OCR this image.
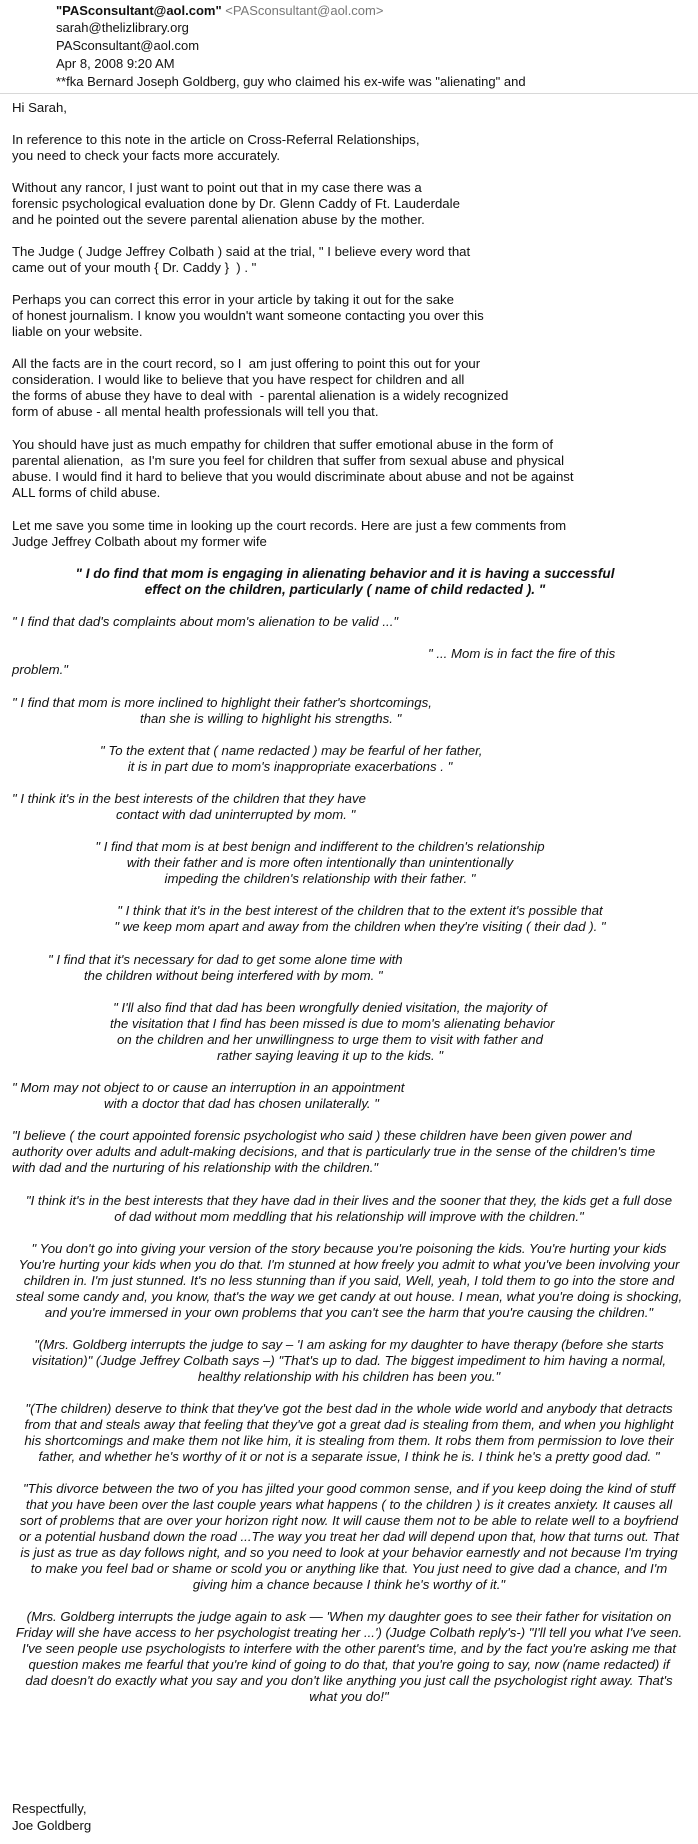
"PASconsultant@aol.com" <PASconsultant@aol.com>
sarah@thelizlibrary.org
PASconsultant@aol.com
Apr 8, 2008 9:20 AM
**fka Bernard Joseph Goldberg, guy who claimed his ex-wife was "alienating" and
Hi Sarah,
In reference to this note in the article on Cross-Referral Relationships,
you need to check your facts more accurately.
Without any rancor, I just want to point out that in my case there was a
forensic psychological evaluation done by Dr. Glenn Caddy of Ft. Lauderdale
and he pointed out the severe parental alienation abuse by the mother.
The Judge ( Judge Jeffrey Colbath ) said at the trial, " I believe every word that
came out of your mouth { Dr. Caddy }  ) . "
Perhaps you can correct this error in your article by taking it out for the sake
of honest journalism. I know you wouldn't want someone contacting you over this
liable on your website.
All the facts are in the court record, so I  am just offering to point this out for your
consideration. I would like to believe that you have respect for children and all
the forms of abuse they have to deal with  - parental alienation is a widely recognized
form of abuse - all mental health professionals will tell you that.
You should have just as much empathy for children that suffer emotional abuse in the form of
parental alienation,  as I'm sure you feel for children that suffer from sexual abuse and physical
abuse. I would find it hard to believe that you would discriminate about abuse and not be against
ALL forms of child abuse.
Let me save you some time in looking up the court records. Here are just a few comments from
Judge Jeffrey Colbath about my former wife
" I do find that mom is engaging in alienating behavior and it is having a successful
effect on the children, particularly ( name of child redacted ). "
" I find that dad's complaints about mom's alienation to be valid ..."
" ... Mom is in fact the fire of this
problem."
" I find that mom is more inclined to highlight their father's shortcomings,
than she is willing to highlight his strengths. "
" To the extent that ( name redacted ) may be fearful of her father,
it is in part due to mom's inappropriate exacerbations . "
" I think it's in the best interests of the children that they have
contact with dad uninterrupted by mom. "
" I find that mom is at best benign and indifferent to the children's relationship
with their father and is more often intentionally than unintentionally
impeding the children's relationship with their father. "
" I think that it's in the best interest of the children that to the extent it's possible that
" we keep mom apart and away from the children when they're visiting ( their dad ). "
" I find that it's necessary for dad to get some alone time with
the children without being interfered with by mom. "
" I'll also find that dad has been wrongfully denied visitation, the majority of
the visitation that I find has been missed is due to mom's alienating behavior
on the children and her unwillingness to urge them to visit with father and
rather saying leaving it up to the kids. "
" Mom may not object to or cause an interruption in an appointment
with a doctor that dad has chosen unilaterally. "
"I believe ( the court appointed forensic psychologist who said ) these children have been given power and
authority over adults and adult-making decisions, and that is particularly true in the sense of the children's time
with dad and the nurturing of his relationship with the children."
"I think it's in the best interests that they have dad in their lives and the sooner that they, the kids get a full dose
of dad without mom meddling that his relationship will improve with the children."
" You don't go into giving your version of the story because you're poisoning the kids. You're hurting your kids
You're hurting your kids when you do that. I'm stunned at how freely you admit to what you've been involving your
children in. I'm just stunned. It's no less stunning than if you said, Well, yeah, I told them to go into the store and
steal some candy and, you know, that's the way we get candy at out house. I mean, what you're doing is shocking,
and you're immersed in your own problems that you can't see the harm that you're causing the children."
"(Mrs. Goldberg interrupts the judge to say – 'I am asking for my daughter to have therapy (before she starts
visitation)" (Judge Jeffrey Colbath says –) "That's up to dad. The biggest impediment to him having a normal,
healthy relationship with his children has been you."
"(The children) deserve to think that they've got the best dad in the whole wide world and anybody that detracts
from that and steals away that feeling that they've got a great dad is stealing from them, and when you highlight
his shortcomings and make them not like him, it is stealing from them. It robs them from permission to love their
father, and whether he's worthy of it or not is a separate issue, I think he is. I think he's a pretty good dad. "
"This divorce between the two of you has jilted your good common sense, and if you keep doing the kind of stuff
that you have been over the last couple years what happens ( to the children ) is it creates anxiety. It causes all
sort of problems that are over your horizon right now. It will cause them not to be able to relate well to a boyfriend
or a potential husband down the road ...The way you treat her dad will depend upon that, how that turns out. That
is just as true as day follows night, and so you need to look at your behavior earnestly and not because I'm trying
to make you feel bad or shame or scold you or anything like that. You just need to give dad a chance, and I'm
giving him a chance because I think he's worthy of it."
(Mrs. Goldberg interrupts the judge again to ask — 'When my daughter goes to see their father for visitation on
Friday will she have access to her psychologist treating her ...') (Judge Colbath reply's-) "I'll tell you what I've seen.
I've seen people use psychologists to interfere with the other parent's time, and by the fact you're asking me that
question makes me fearful that you're kind of going to do that, that you're going to say, now (name redacted) if
dad doesn't do exactly what you say and you don't like anything you just call the psychologist right away. That's
what you do!"
Respectfully,
Joe Goldberg
